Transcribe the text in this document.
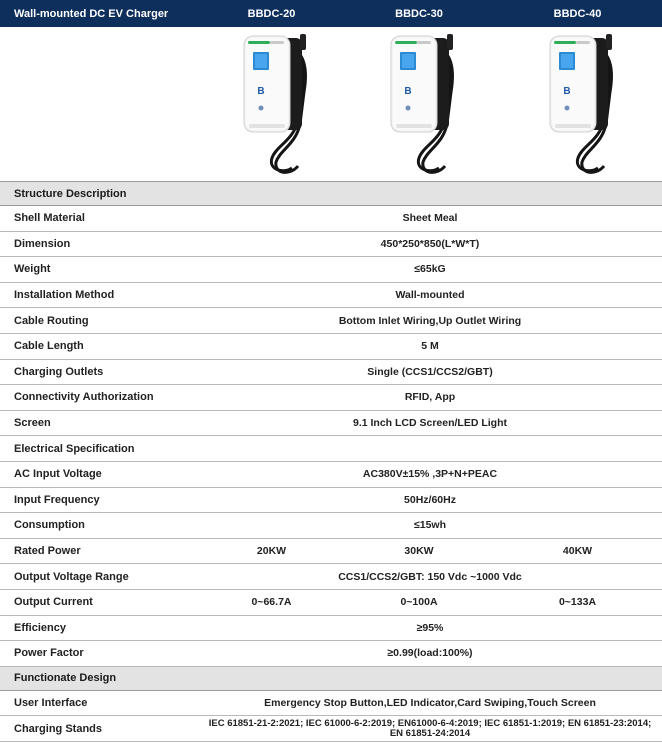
Wall-mounted DC EV Charger	BBDC-20	BBDC-30	BBDC-40

B	B	B

Structure Description			
Shell Material	Sheet Meal		
Dimension	450*250*850(L*W*T)		
Weight	≤65kG		
Installation Method	Wall-mounted		
Cable Routing	Bottom Inlet Wiring,Up Outlet Wiring		
Cable Length	5 M		
Charging Outlets	Single (CCS1/CCS2/GBT)		
Connectivity Authorization	RFID, App		
Screen	9.1 Inch LCD Screen/LED Light		
Electrical Specification			
AC Input Voltage	AC380V±15% ,3P+N+PEAC		
Input Frequency	50Hz/60Hz		
Consumption	≤15wh		
Rated Power	20KW	30KW	40KW
Output Voltage Range	CCS1/CCS2/GBT: 150 Vdc ~1000 Vdc		
Output Current	0~66.7A	0~100A	0~133A
Efficiency	≥95%		
Power Factor	≥0.99(load:100%)		
Functionate Design			
User Interface	Emergency Stop Button,LED Indicator,Card Swiping,Touch Screen		
Charging Stands	IEC 61851-21-2:2021; IEC 61000-6-2:2019; EN61000-6-4:2019; IEC 61851-1:2019; EN 61851-23:2014; EN 61851-24:2014		
